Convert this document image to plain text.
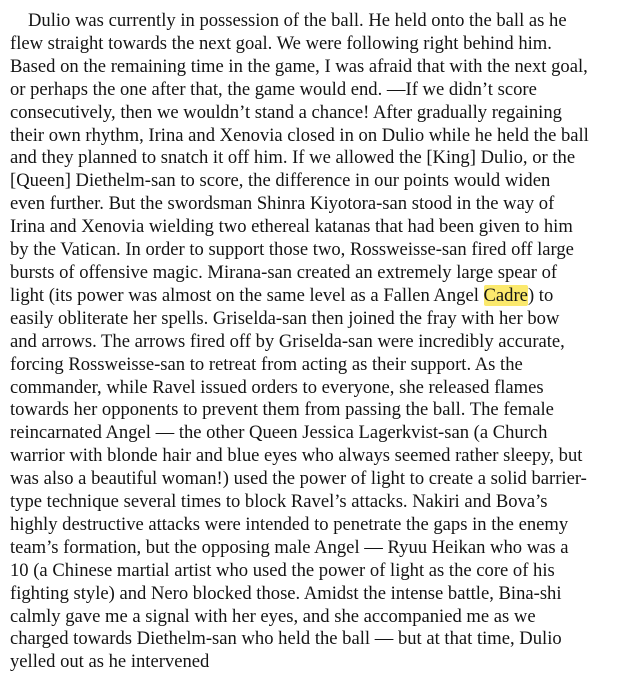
Dulio was currently in possession of the ball. He held onto the ball as he
flew straight towards the next goal. We were following right behind him.
Based on the remaining time in the game, I was afraid that with the next goal,
or perhaps the one after that, the game would end. —If we didn’t score
consecutively, then we wouldn’t stand a chance! After gradually regaining
their own rhythm, Irina and Xenovia closed in on Dulio while he held the ball
and they planned to snatch it off him. If we allowed the [King] Dulio, or the
[Queen] Diethelm-san to score, the difference in our points would widen
even further. But the swordsman Shinra Kiyotora-san stood in the way of
Irina and Xenovia wielding two ethereal katanas that had been given to him
by the Vatican. In order to support those two, Rossweisse-san fired off large
bursts of offensive magic. Mirana-san created an extremely large spear of
light (its power was almost on the same level as a Fallen Angel Cadre) to
easily obliterate her spells. Griselda-san then joined the fray with her bow
and arrows. The arrows fired off by Griselda-san were incredibly accurate,
forcing Rossweisse-san to retreat from acting as their support. As the
commander, while Ravel issued orders to everyone, she released flames
towards her opponents to prevent them from passing the ball. The female
reincarnated Angel — the other Queen Jessica Lagerkvist-san (a Church
warrior with blonde hair and blue eyes who always seemed rather sleepy, but
was also a beautiful woman!) used the power of light to create a solid barrier-
type technique several times to block Ravel’s attacks. Nakiri and Bova’s
highly destructive attacks were intended to penetrate the gaps in the enemy
team’s formation, but the opposing male Angel — Ryuu Heikan who was a
10 (a Chinese martial artist who used the power of light as the core of his
fighting style) and Nero blocked those. Amidst the intense battle, Bina-shi
calmly gave me a signal with her eyes, and she accompanied me as we
charged towards Diethelm-san who held the ball — but at that time, Dulio
yelled out as he intervened
